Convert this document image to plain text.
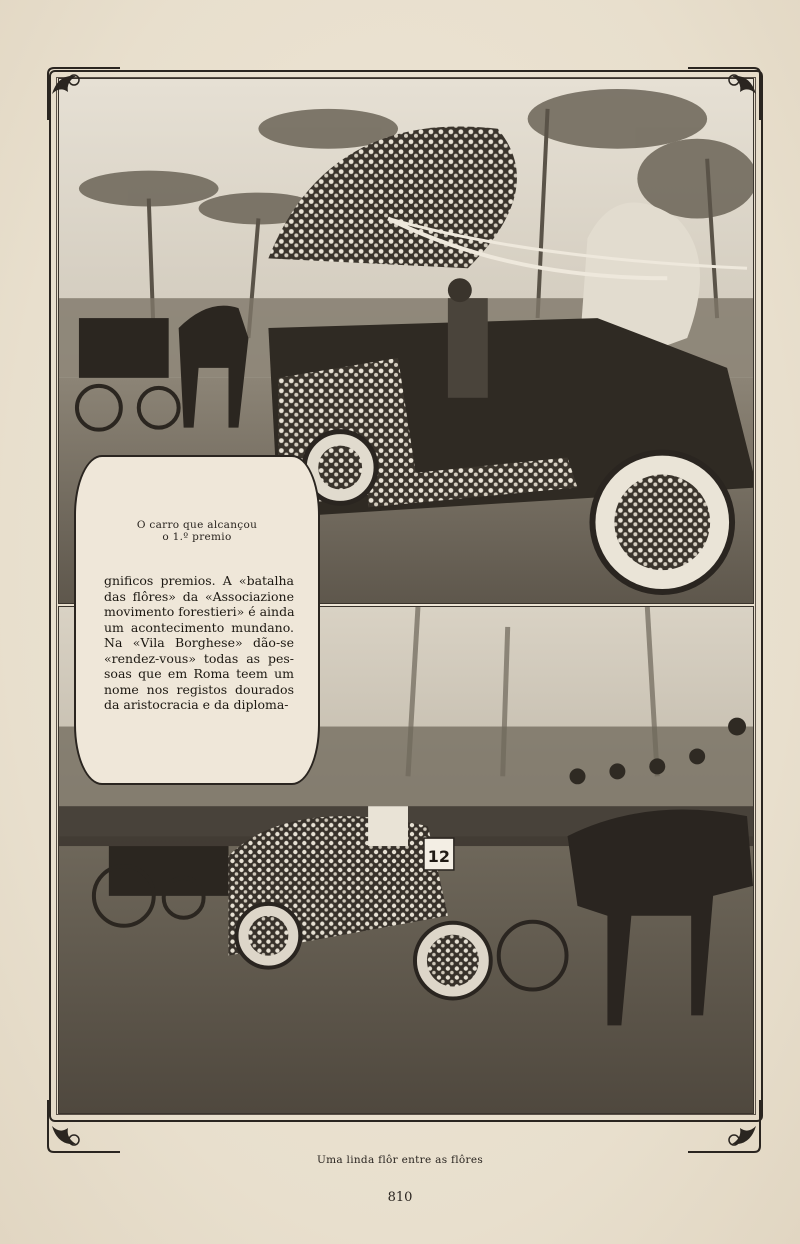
12
O carro que alcançou
o 1.º premio
gnificos premios. A «batalha
das flôres» da «Associazione
movimento forestieri» é ainda
um acontecimento mundano.
Na «Vila Borghese» dão-se
«rendez-vous» todas as pes-
soas que em Roma teem um
nome nos registos dourados
da aristocracia e da diploma-
Uma linda flôr entre as flôres
810
